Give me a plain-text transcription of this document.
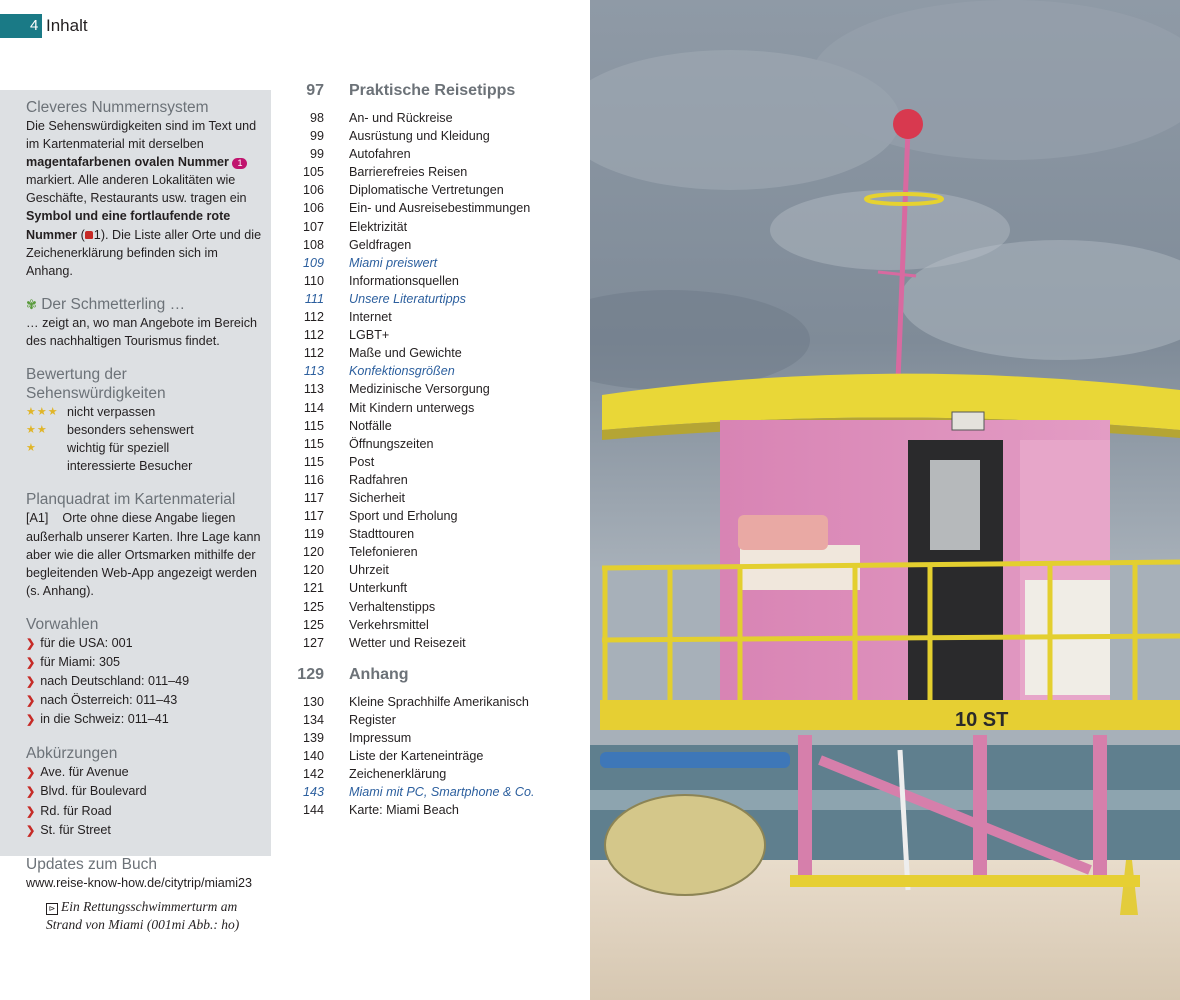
4 Inhalt
Cleveres Nummernsystem

Die Sehenswürdigkeiten sind im Text und im Kartenmaterial mit derselben magentafarbenen ovalen Nummer 1 markiert. Alle anderen Lokalitäten wie Geschäfte, Restaurants usw. tragen ein Symbol und eine fortlaufende rote Nummer ( 1). Die Liste aller Orte und die Zeichenerklärung befinden sich im Anhang.

✾ Der Schmetterling …

… zeigt an, wo man Angebote im Bereich des nachhaltigen Tourismus findet.

Bewertung der Sehenswürdigkeiten
★★★ nicht verpassen
★★	besonders sehenswert
★	wichtig für speziell interessierte Besucher
Planquadrat im Kartenmaterial

[A1] Orte ohne diese Angabe liegen außerhalb unserer Karten. Ihre Lage kann aber wie die aller Ortsmarken mithilfe der begleitenden Web-App angezeigt werden (s. Anhang).

Vorwahlen
❯ für die USA: 001
❯ für Miami: 305
❯ nach Deutschland: 011–49
❯ nach Österreich: 011–43
❯ in die Schweiz: 011–41
Abkürzungen
❯ Ave. für Avenue
❯ Blvd. für Boulevard
❯ Rd. für Road
❯ St. für Street
Updates zum Buch

www.reise-know-how.de/citytrip/miami23

⊳ Ein Rettungsschwimmerturm am Strand von Miami (001mi Abb.: ho)
97 Praktische Reisetipps
98 An- und Rückreise
99 Ausrüstung und Kleidung
99 Autofahren
105 Barrierefreies Reisen
106 Diplomatische Vertretungen
106 Ein- und Ausreisebestimmungen
107 Elektrizität
108 Geldfragen
109 Miami preiswert
110 Informationsquellen
111 Unsere Literaturtipps
112 Internet
112 LGBT+
112 Maße und Gewichte
113 Konfektionsgrößen
113 Medizinische Versorgung
114 Mit Kindern unterwegs
115 Notfälle
115 Öffnungszeiten
115 Post
116 Radfahren
117 Sicherheit
117 Sport und Erholung
119 Stadttouren
120 Telefonieren
120 Uhrzeit
121 Unterkunft
125 Verhaltenstipps
125 Verkehrsmittel
127 Wetter und Reisezeit
129 Anhang
130 Kleine Sprachhilfe Amerikanisch
134 Register
139 Impressum
140 Liste der Karteneinträge
142 Zeichenerklärung
143 Miami mit PC, Smartphone & Co.
144 Karte: Miami Beach
10 ST
